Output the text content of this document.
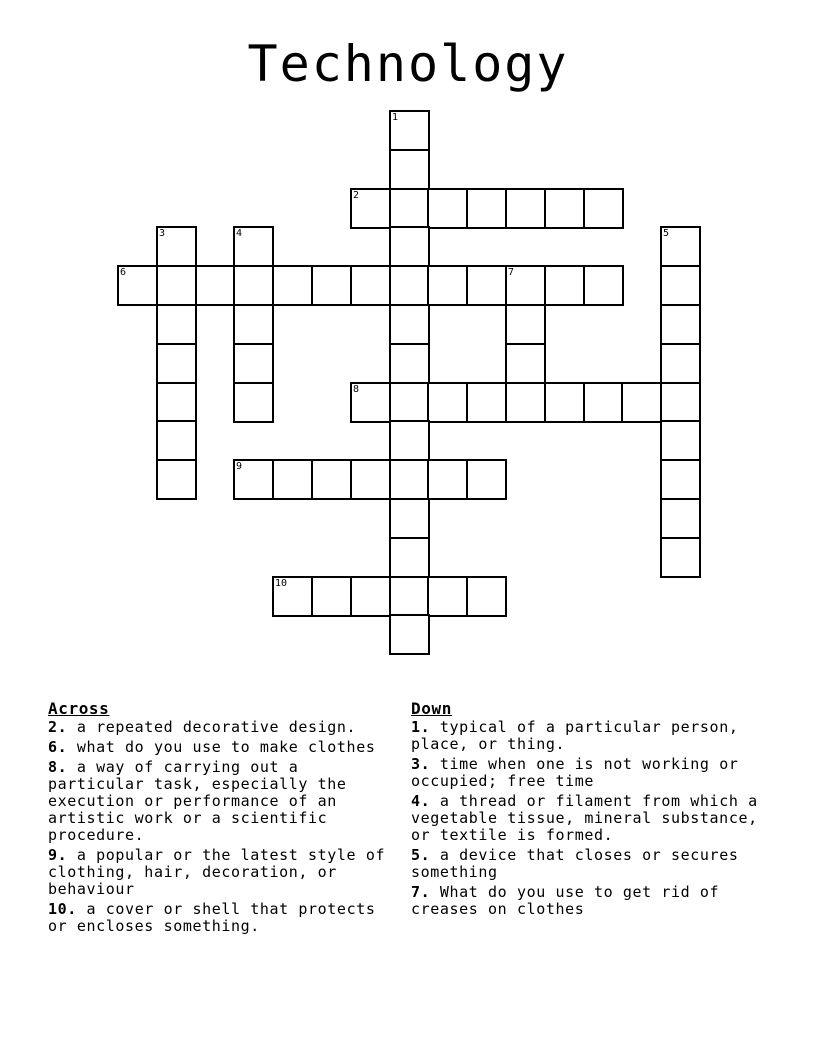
Technology
1
2
3	4	5
6	7
8
9
10
Across
2. a repeated decorative design.
6. what do you use to make clothes
8. a way of carrying out a particular task, especially the execution or performance of an artistic work or a scientific procedure.
9. a popular or the latest style of clothing, hair, decoration, or behaviour
10. a cover or shell that protects or encloses something.
Down
1. typical of a particular person, place, or thing.
3. time when one is not working or occupied; free time
4. a thread or filament from which a vegetable tissue, mineral substance, or textile is formed.
5. a device that closes or secures something
7. What do you use to get rid of creases on clothes
